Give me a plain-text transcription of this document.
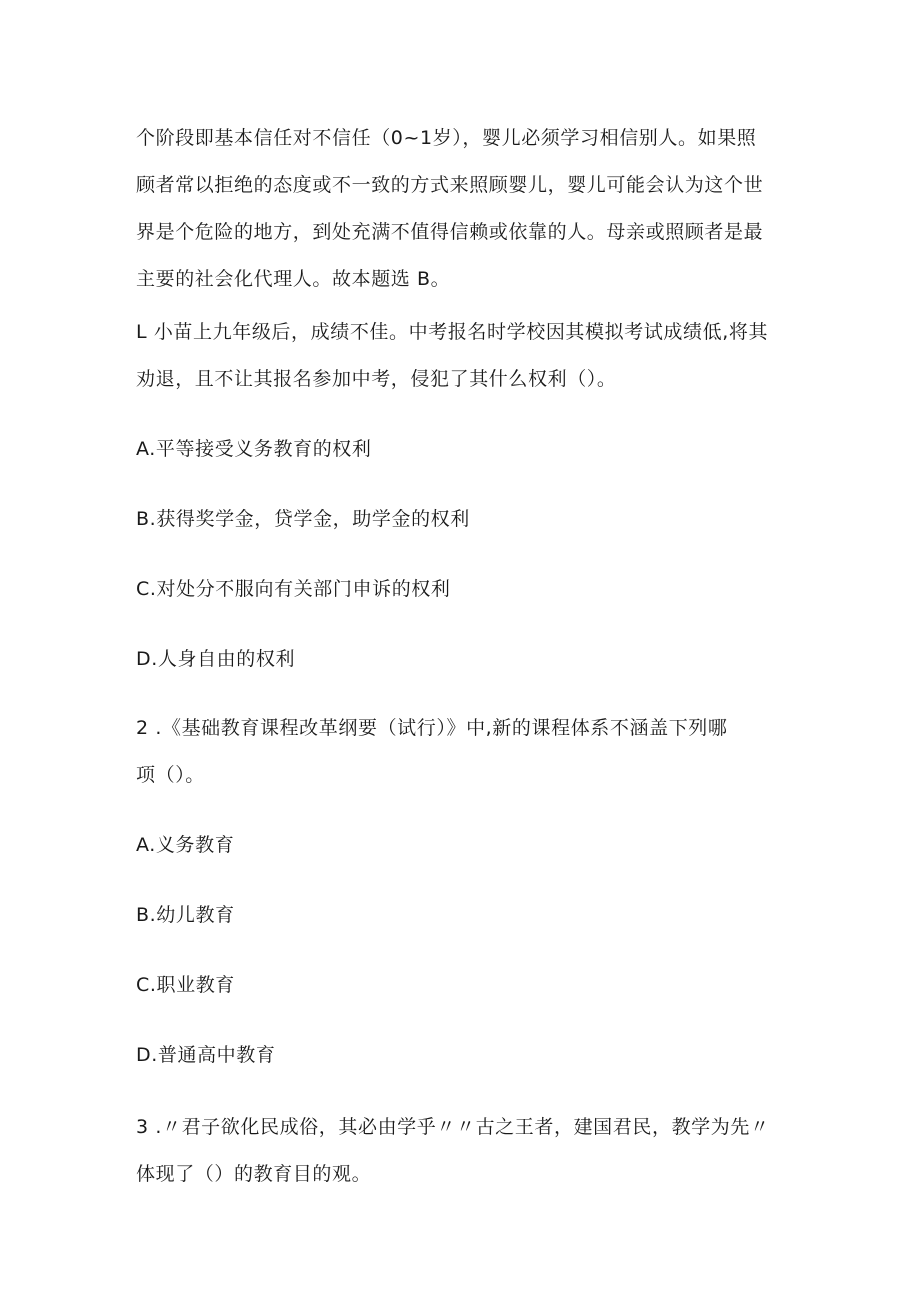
个阶段即基本信任对不信任（0~1岁），婴儿必须学习相信别人。如果照
顾者常以拒绝的态度或不一致的方式来照顾婴儿，婴儿可能会认为这个世
界是个危险的地方，到处充满不值得信赖或依靠的人。母亲或照顾者是最
主要的社会化代理人。故本题选 B。
L 小苗上九年级后，成绩不佳。中考报名时学校因其模拟考试成绩低,将其
劝退，且不让其报名参加中考，侵犯了其什么权利（）。
A.平等接受义务教育的权利
B.获得奖学金，贷学金，助学金的权利
C.对处分不服向有关部门申诉的权利
D.人身自由的权利
2 .《基础教育课程改革纲要（试行）》中,新的课程体系不涵盖下列哪
项（）。
A.义务教育
B.幼儿教育
C.职业教育
D.普通高中教育
3 .〃君子欲化民成俗，其必由学乎〃〃古之王者，建国君民，教学为先〃
体现了（）的教育目的观。
